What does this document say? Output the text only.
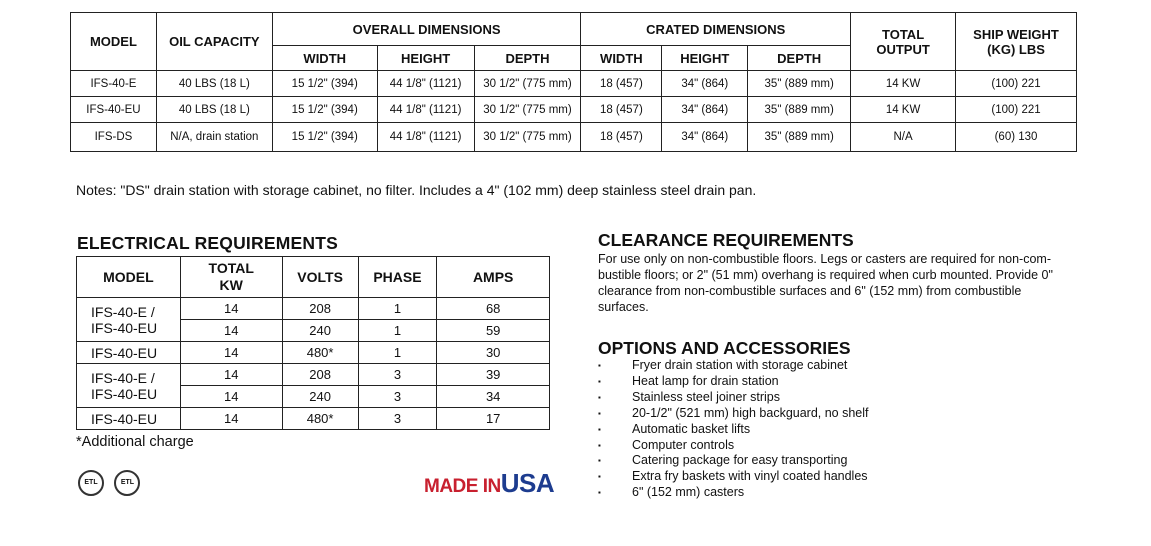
MODEL	OIL CAPACITY	OVERALL DIMENSIONS			CRATED DIMENSIONS			TOTAL OUTPUT	SHIP WEIGHT (KG) LBS
		WIDTH	HEIGHT	DEPTH	WIDTH	HEIGHT	DEPTH		
IFS-40-E	40 LBS (18 L)	15 1/2" (394)	44 1/8" (1121)	30 1/2" (775 mm)	18 (457)	34" (864)	35" (889 mm)	14 KW	(100) 221
IFS-40-EU	40 LBS (18 L)	15 1/2" (394)	44 1/8" (1121)	30 1/2" (775 mm)	18 (457)	34" (864)	35" (889 mm)	14 KW	(100) 221
IFS-DS	N/A, drain station	15 1/2" (394)	44 1/8" (1121)	30 1/2" (775 mm)	18 (457)	34" (864)	35" (889 mm)	N/A	(60) 130
Notes: "DS" drain station with storage cabinet, no filter. Includes a 4" (102 mm) deep stainless steel drain pan.
ELECTRICAL REQUIREMENTS
MODEL	TOTAL KW	VOLTS	PHASE	AMPS

IFS-40-E /
IFS-40-EU	14	208	1	68
	14	240	1	59
IFS-40-EU	14	480*	1	30

IFS-40-E /
IFS-40-EU	14	208	3	39
	14	240	3	34
IFS-40-EU	14	480*	3	17
*Additional charge
ETL	ETL	MADE INUSA
CLEARANCE REQUIREMENTS
For use only on non-combustible floors. Legs or casters are required for non-com-bustible floors; or 2" (51 mm) overhang is required when curb mounted. Provide 0" clearance from non-combustible surfaces and 6" (152 mm) from combustible surfaces.
OPTIONS AND ACCESSORIES
▪ Fryer drain station with storage cabinet
▪ Heat lamp for drain station
▪ Stainless steel joiner strips
▪ 20-1/2" (521 mm) high backguard, no shelf
▪ Automatic basket lifts
▪ Computer controls
▪ Catering package for easy transporting
▪ Extra fry baskets with vinyl coated handles
▪ 6" (152 mm) casters
